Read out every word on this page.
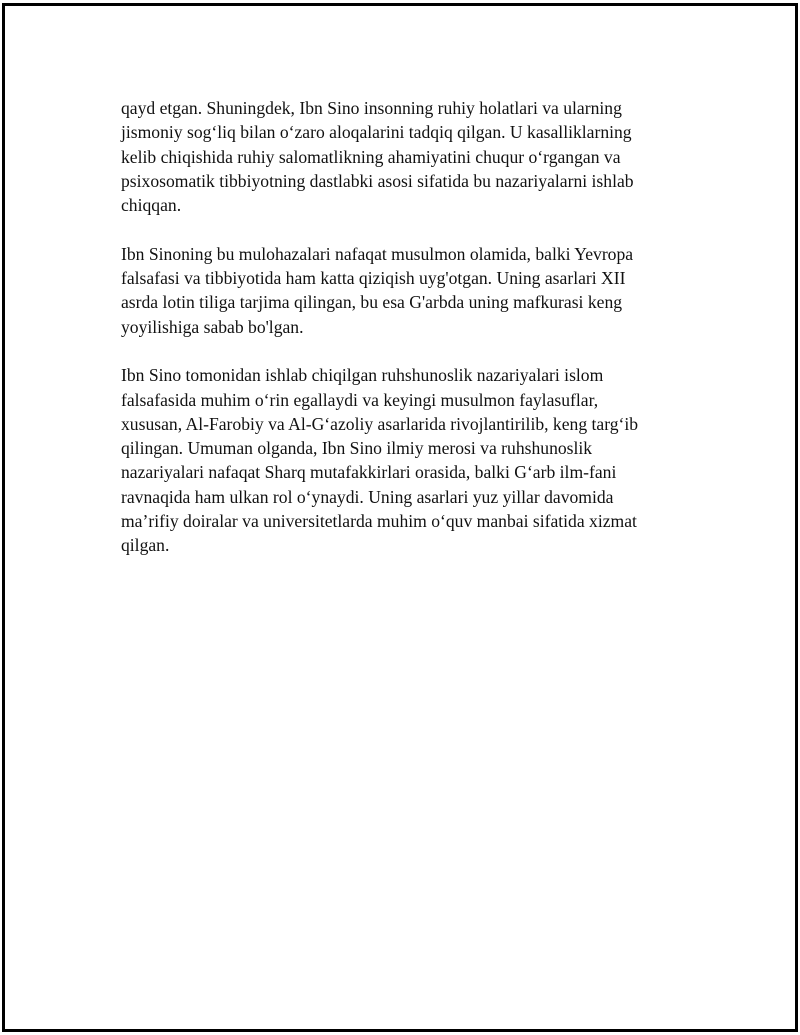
qayd etgan. Shuningdek, Ibn Sino insonning ruhiy holatlari va ularning
jismoniy sog‘liq bilan o‘zaro aloqalarini tadqiq qilgan. U kasalliklarning
kelib chiqishida ruhiy salomatlikning ahamiyatini chuqur o‘rgangan va
psixosomatik tibbiyotning dastlabki asosi sifatida bu nazariyalarni ishlab
chiqqan.

Ibn Sinoning bu mulohazalari nafaqat musulmon olamida, balki Yevropa
falsafasi va tibbiyotida ham katta qiziqish uyg'otgan. Uning asarlari XII
asrda lotin tiliga tarjima qilingan, bu esa G'arbda uning mafkurasi keng
yoyilishiga sabab bo'lgan.

Ibn Sino tomonidan ishlab chiqilgan ruhshunoslik nazariyalari islom
falsafasida muhim o‘rin egallaydi va keyingi musulmon faylasuflar,
xususan, Al-Farobiy va Al-G‘azoliy asarlarida rivojlantirilib, keng targ‘ib
qilingan. Umuman olganda, Ibn Sino ilmiy merosi va ruhshunoslik
nazariyalari nafaqat Sharq mutafakkirlari orasida, balki G‘arb ilm-fani
ravnaqida ham ulkan rol o‘ynaydi. Uning asarlari yuz yillar davomida
ma’rifiy doiralar va universitetlarda muhim o‘quv manbai sifatida xizmat
qilgan.
